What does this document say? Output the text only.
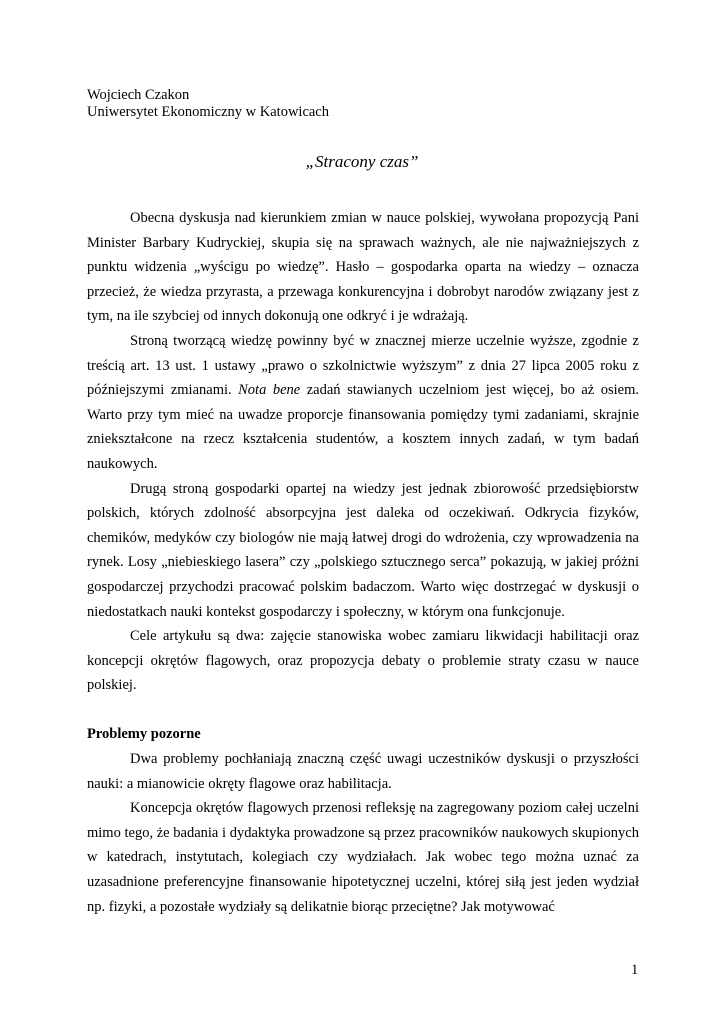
Wojciech Czakon
Uniwersytet Ekonomiczny w Katowicach
„Stracony czas”

Obecna dyskusja nad kierunkiem zmian w nauce polskiej, wywołana propozycją Pani Minister Barbary Kudryckiej, skupia się na sprawach ważnych, ale nie najważniejszych z punktu widzenia „wyścigu po wiedzę”. Hasło – gospodarka oparta na wiedzy – oznacza przecież, że wiedza przyrasta, a przewaga konkurencyjna i dobrobyt narodów związany jest z tym, na ile szybciej od innych dokonują one odkryć i je wdrażają.

Stroną tworzącą wiedzę powinny być w znacznej mierze uczelnie wyższe, zgodnie z treścią art. 13 ust. 1 ustawy „prawo o szkolnictwie wyższym” z dnia 27 lipca 2005 roku z późniejszymi zmianami. Nota bene zadań stawianych uczelniom jest więcej, bo aż osiem. Warto przy tym mieć na uwadze proporcje finansowania pomiędzy tymi zadaniami, skrajnie zniekształcone na rzecz kształcenia studentów, a kosztem innych zadań, w tym badań naukowych.

Drugą stroną gospodarki opartej na wiedzy jest jednak zbiorowość przedsiębiorstw polskich, których zdolność absorpcyjna jest daleka od oczekiwań. Odkrycia fizyków, chemików, medyków czy biologów nie mają łatwej drogi do wdrożenia, czy wprowadzenia na rynek. Losy „niebieskiego lasera” czy „polskiego sztucznego serca” pokazują, w jakiej próżni gospodarczej przychodzi pracować polskim badaczom. Warto więc dostrzegać w dyskusji o niedostatkach nauki kontekst gospodarczy i społeczny, w którym ona funkcjonuje.

Cele artykułu są dwa: zajęcie stanowiska wobec zamiaru likwidacji habilitacji oraz koncepcji okrętów flagowych, oraz propozycja debaty o problemie straty czasu w nauce polskiej.

Problemy pozorne

Dwa problemy pochłaniają znaczną część uwagi uczestników dyskusji o przyszłości nauki: a mianowicie okręty flagowe oraz habilitacja.

Koncepcja okrętów flagowych przenosi refleksję na zagregowany poziom całej uczelni mimo tego, że badania i dydaktyka prowadzone są przez pracowników naukowych skupionych w katedrach, instytutach, kolegiach czy wydziałach. Jak wobec tego można uznać za uzasadnione preferencyjne finansowanie hipotetycznej uczelni, której siłą jest jeden wydział np. fizyki, a pozostałe wydziały są delikatnie biorąc przeciętne? Jak motywować

1
